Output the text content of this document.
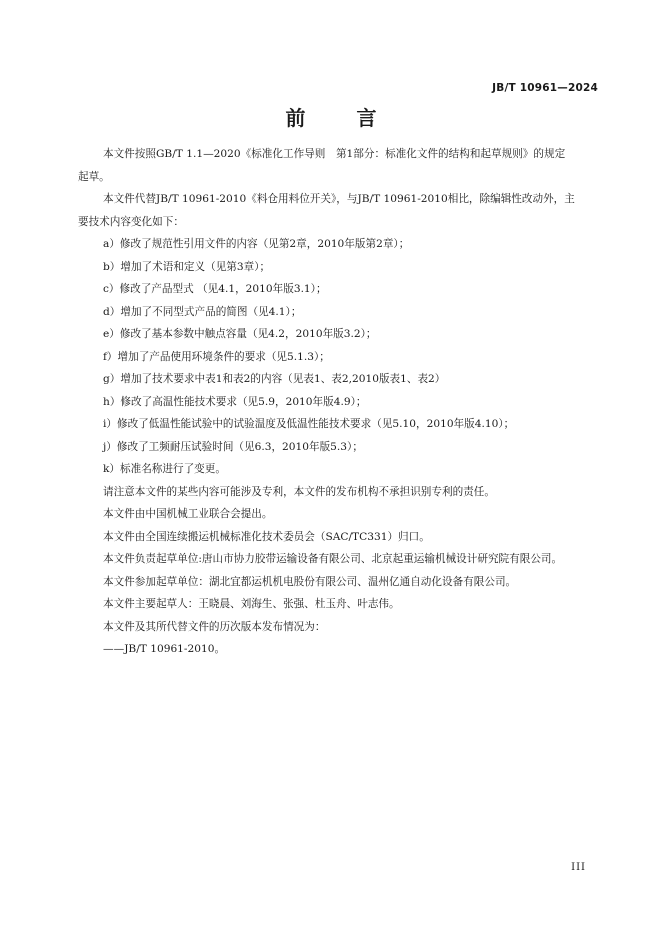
JB/T 10961—2024
前 言

本文件按照GB/T 1.1—2020《标准化工作导则　第1部分：标准化文件的结构和起草规则》的规定

起草。

本文件代替JB/T 10961-2010《料仓用料位开关》，与JB/T 10961-2010相比，除编辑性改动外，主

要技术内容变化如下：

a）修改了规范性引用文件的内容（见第2章，2010年版第2章）；

b）增加了术语和定义（见第3章）；

c）修改了产品型式 （见4.1，2010年版3.1）；

d）增加了不同型式产品的简图（见4.1）；

e）修改了基本参数中触点容量（见4.2，2010年版3.2）；

f）增加了产品使用环境条件的要求（见5.1.3）；

g）增加了技术要求中表1和表2的内容（见表1、表2,2010版表1、表2）

h）修改了高温性能技术要求（见5.9，2010年版4.9）；

i）修改了低温性能试验中的试验温度及低温性能技术要求（见5.10，2010年版4.10）；

j）修改了工频耐压试验时间（见6.3，2010年版5.3）；

k）标准名称进行了变更。

请注意本文件的某些内容可能涉及专利，本文件的发布机构不承担识别专利的责任。

本文件由中国机械工业联合会提出。

本文件由全国连续搬运机械标准化技术委员会（SAC/TC331）归口。

本文件负责起草单位:唐山市协力胶带运输设备有限公司、北京起重运输机械设计研究院有限公司。

本文件参加起草单位：湖北宜都运机机电股份有限公司、温州亿通自动化设备有限公司。

本文件主要起草人：王晓晨、刘海生、张强、杜玉舟、叶志伟。

本文件及其所代替文件的历次版本发布情况为：

——JB/T 10961-2010。

III
